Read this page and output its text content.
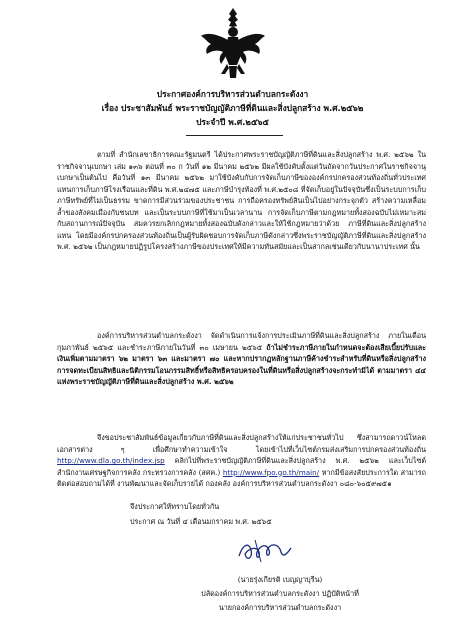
ประกาศองค์การบริหารส่วนตำบลกระดังงา
เรื่อง ประชาสัมพันธ์ พระราชบัญญัติภาษีที่ดินและสิ่งปลูกสร้าง พ.ศ.๒๕๖๒
ประจำปี พ.ศ.๒๕๖๕

ตามที่ สำนักเลขาธิการคณะรัฐมนตรี ได้ประกาศพระราชบัญญัติภาษีที่ดินและสิ่งปลูกสร้าง พ.ศ. ๒๕๖๒ ในราชกิจจานุเบกษา เล่ม ๑๓๖ ตอนที่ ๓๐ ก วันที่ ๑๒ มีนาคม ๒๕๖๒ มีผลใช้บังคับตั้งแต่วันถัดจากวันประกาศในราชกิจจานุเบกษาเป็นต้นไป คือวันที่ ๑๓ มีนาคม ๒๕๖๒ มาใช้บังคับกับการจัดเก็บภาษีขององค์กรปกครองส่วนท้องถิ่นทั่วประเทศ แทนการเก็บภาษีโรงเรือนและที่ดิน พ.ศ.๒๔๗๕ และภาษีบำรุงท้องที่ พ.ศ.๒๕๐๘ ที่จัดเก็บอยู่ในปัจจุบันซึ่งเป็นระบบการเก็บภาษีทรัพย์ที่ไม่เป็นธรรม ขาดการมีส่วนร่วมของประชาชน การถือครองทรัพย์สินเป็นไปอย่างกระจุกตัว สร้างความเหลื่อมล้ำของสังคมเมืองกับชนบท และเป็นระบบภาษีที่ใช้มาเป็นเวลานาน การจัดเก็บภาษีตามกฎหมายทั้งสองฉบับไม่เหมาะสมกับสถานการณ์ปัจจุบัน สมควรยกเลิกกฎหมายทั้งสองฉบับดังกล่าวและให้ใช้กฎหมายว่าด้วย ภาษีที่ดินและสิ่งปลูกสร้างแทน โดยมีองค์กรปกครองส่วนท้องถิ่นเป็นผู้รับผิดชอบการจัดเก็บภาษีดังกล่าวซึ่งพระราชบัญญัติภาษีที่ดินและสิ่งปลูกสร้าง พ.ศ. ๒๕๖๒ เป็นกฎหมายปฏิรูปโครงสร้างภาษีของประเทศให้มีความทันสมัยและเป็นสากลเช่นเดียวกับนานาประเทศ นั้น

องค์การบริหารส่วนตำบลกระดังงา จัดดำเนินการแจ้งการประเมินภาษีที่ดินและสิ่งปลูกสร้าง ภายในเดือนกุมภาพันธ์ ๒๕๖๕ และชำระภาษีภายในวันที่ ๓๐ เมษายน ๒๕๖๕ ถ้าไม่ชำระภาษีภายในกำหนดจะต้องเสียเบี้ยปรับและเงินเพิ่มตามมาตรา ๖๒ มาตรา ๖๓ และมาตรา ๗๐ และหากปรากฏหลักฐานภาษีค้างชำระสำหรับที่ดินหรือสิ่งปลูกสร้าง การจดทะเบียนสิทธิและนิติกรรมโอนกรรมสิทธิ์หรือสิทธิครอบครองในที่ดินหรือสิ่งปลูกสร้างจะกระทำมิได้ ตามมาตรา ๔๔ แห่งพระราชบัญญัติภาษีที่ดินและสิ่งปลูกสร้าง พ.ศ. ๒๕๖๒

จึงขอประชาสัมพันธ์ข้อมูลเกี่ยวกับภาษีที่ดินและสิ่งปลูกสร้างให้แก่ประชาชนทั่วไป ซึ่งสามารถดาวน์โหลดเอกสารต่าง ๆ เพื่อศึกษาทำความเข้าใจ โดยเข้าไปที่เว็บไซต์กรมส่งเสริมการปกครองส่วนท้องถิ่น http://www.dla.go.th/index.jsp คลิกไปที่พระราชบัญญัติภาษีที่ดินและสิ่งปลูกสร้าง พ.ศ. ๒๕๖๒ และเว็บไซต์ สำนักงานเศรษฐกิจการคลัง กระทรวงการคลัง (สศค.) http://www.fpo.go.th/main/ หากมีข้อสงสัยประการใด สามารถติดต่อสอบถามได้ที่ งานพัฒนาและจัดเก็บรายได้ กองคลัง องค์การบริหารส่วนตำบลกระดังงา ๐๘๐-๖๐๕๙๗๕๑

จึงประกาศให้ทราบโดยทั่วกัน
ประกาศ ณ วันที่ ๔ เดือนมกราคม พ.ศ. ๒๕๖๕
(นายรุ่งเกียรติ เบญญาบุรีน)
ปลัดองค์การบริหารส่วนตำบลกระดังงา ปฏิบัติหน้าที่
นายกองค์การบริหารส่วนตำบลกระดังงา
